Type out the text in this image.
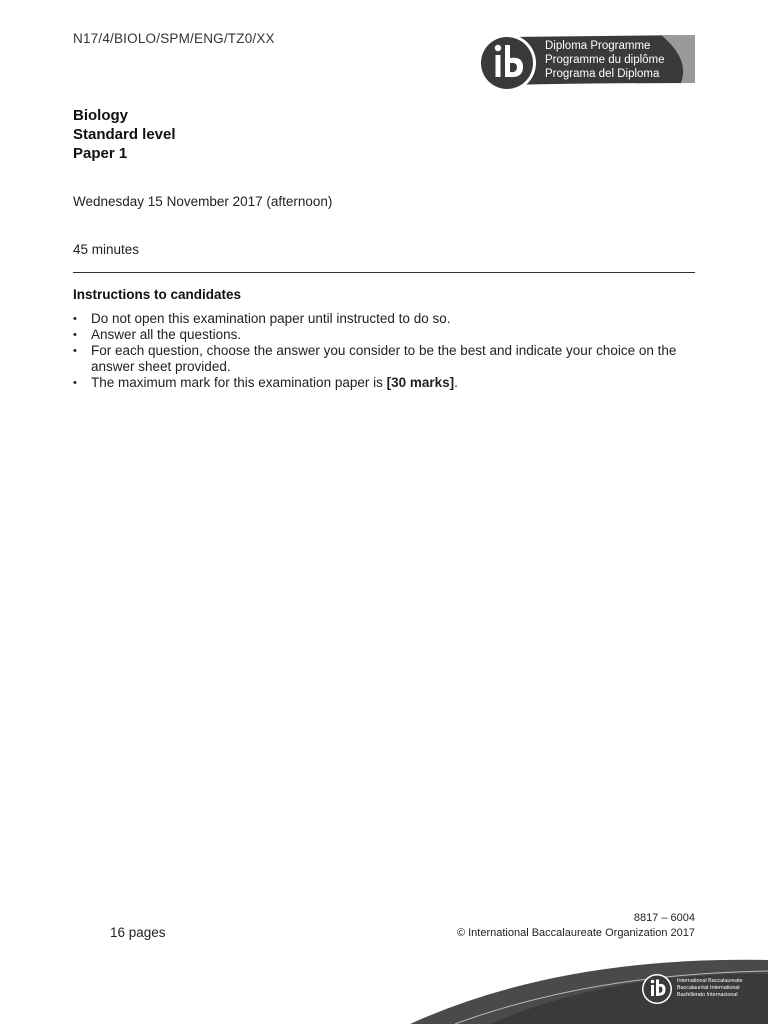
N17/4/BIOLO/SPM/ENG/TZ0/XX	Diploma Programme
Programme du diplôme
Programa del Diploma
Biology
Standard level
Paper 1
Wednesday 15 November 2017 (afternoon)
45 minutes
Instructions to candidates
• Do not open this examination paper until instructed to do so.
• Answer all the questions.
• For each question, choose the answer you consider to be the best and indicate your choice on the answer sheet provided.
• The maximum mark for this examination paper is [30 marks].
16 pages
8817 – 6004
© International Baccalaureate Organization 2017
International Baccalaureate
Baccalauréat International
Bachillerato Internacional
